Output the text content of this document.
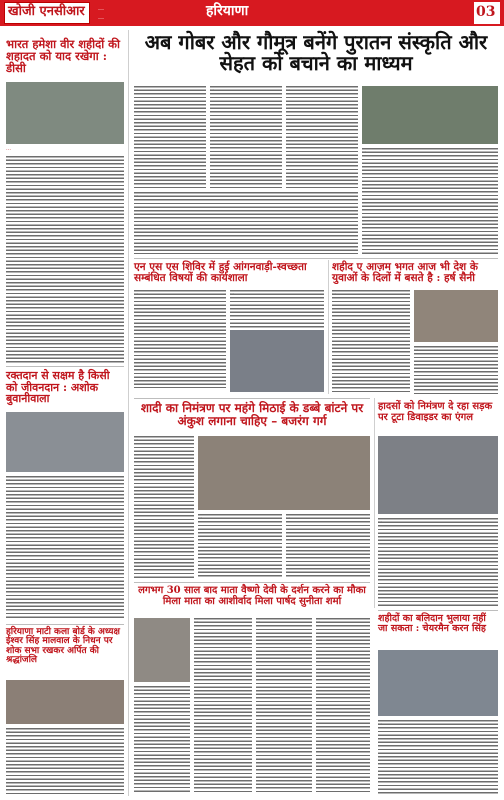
खोजी एनसीआर …
…	हरियाणा	03
भारत हमेशा वीर शहीदों की शहादत को याद रखेगा : डीसी
…
…
रक्तदान से सक्षम है किसी को जीवनदान : अशोक बुवानीवाला
…
हरियाणा माटी कला बोर्ड के अध्यक्ष ईश्वर सिंह मालवाल के निधन पर शोक सभा रखकर अर्पित की श्रद्धांजलि
…
अब गोबर और गौमूत्र बनेंगे पुरातन संस्कृति और सेहत को बचाने का माध्यम
…	…	…
…
…
एन एस एस शिविर में हुई आंगनवाड़ी-स्वच्छता सम्बंधित विषयों की कार्यशाला
…	…
शहीद ए आज़म भगत आज भी देश के युवाओं के दिलों में बसते है : हर्ष सैनी
…
…
शादी का निमंत्रण पर महंगे मिठाई के डब्बे बांटने पर अंकुश लगाना चाहिए – बजरंग गर्ग
…
…	…
हादसों को निमंत्रण दे रहा सड़क पर टूटा डिवाइडर का एंगल
…
लगभग 30 साल बाद माता वैष्णो देवी के दर्शन करने का मौका मिला माता का आशीर्वाद मिला पार्षद सुनीता शर्मा
…
…	…	…	शहीदों का बलिदान भुलाया नहीं जा सकता : चेयरमैन करन सिंह
…
